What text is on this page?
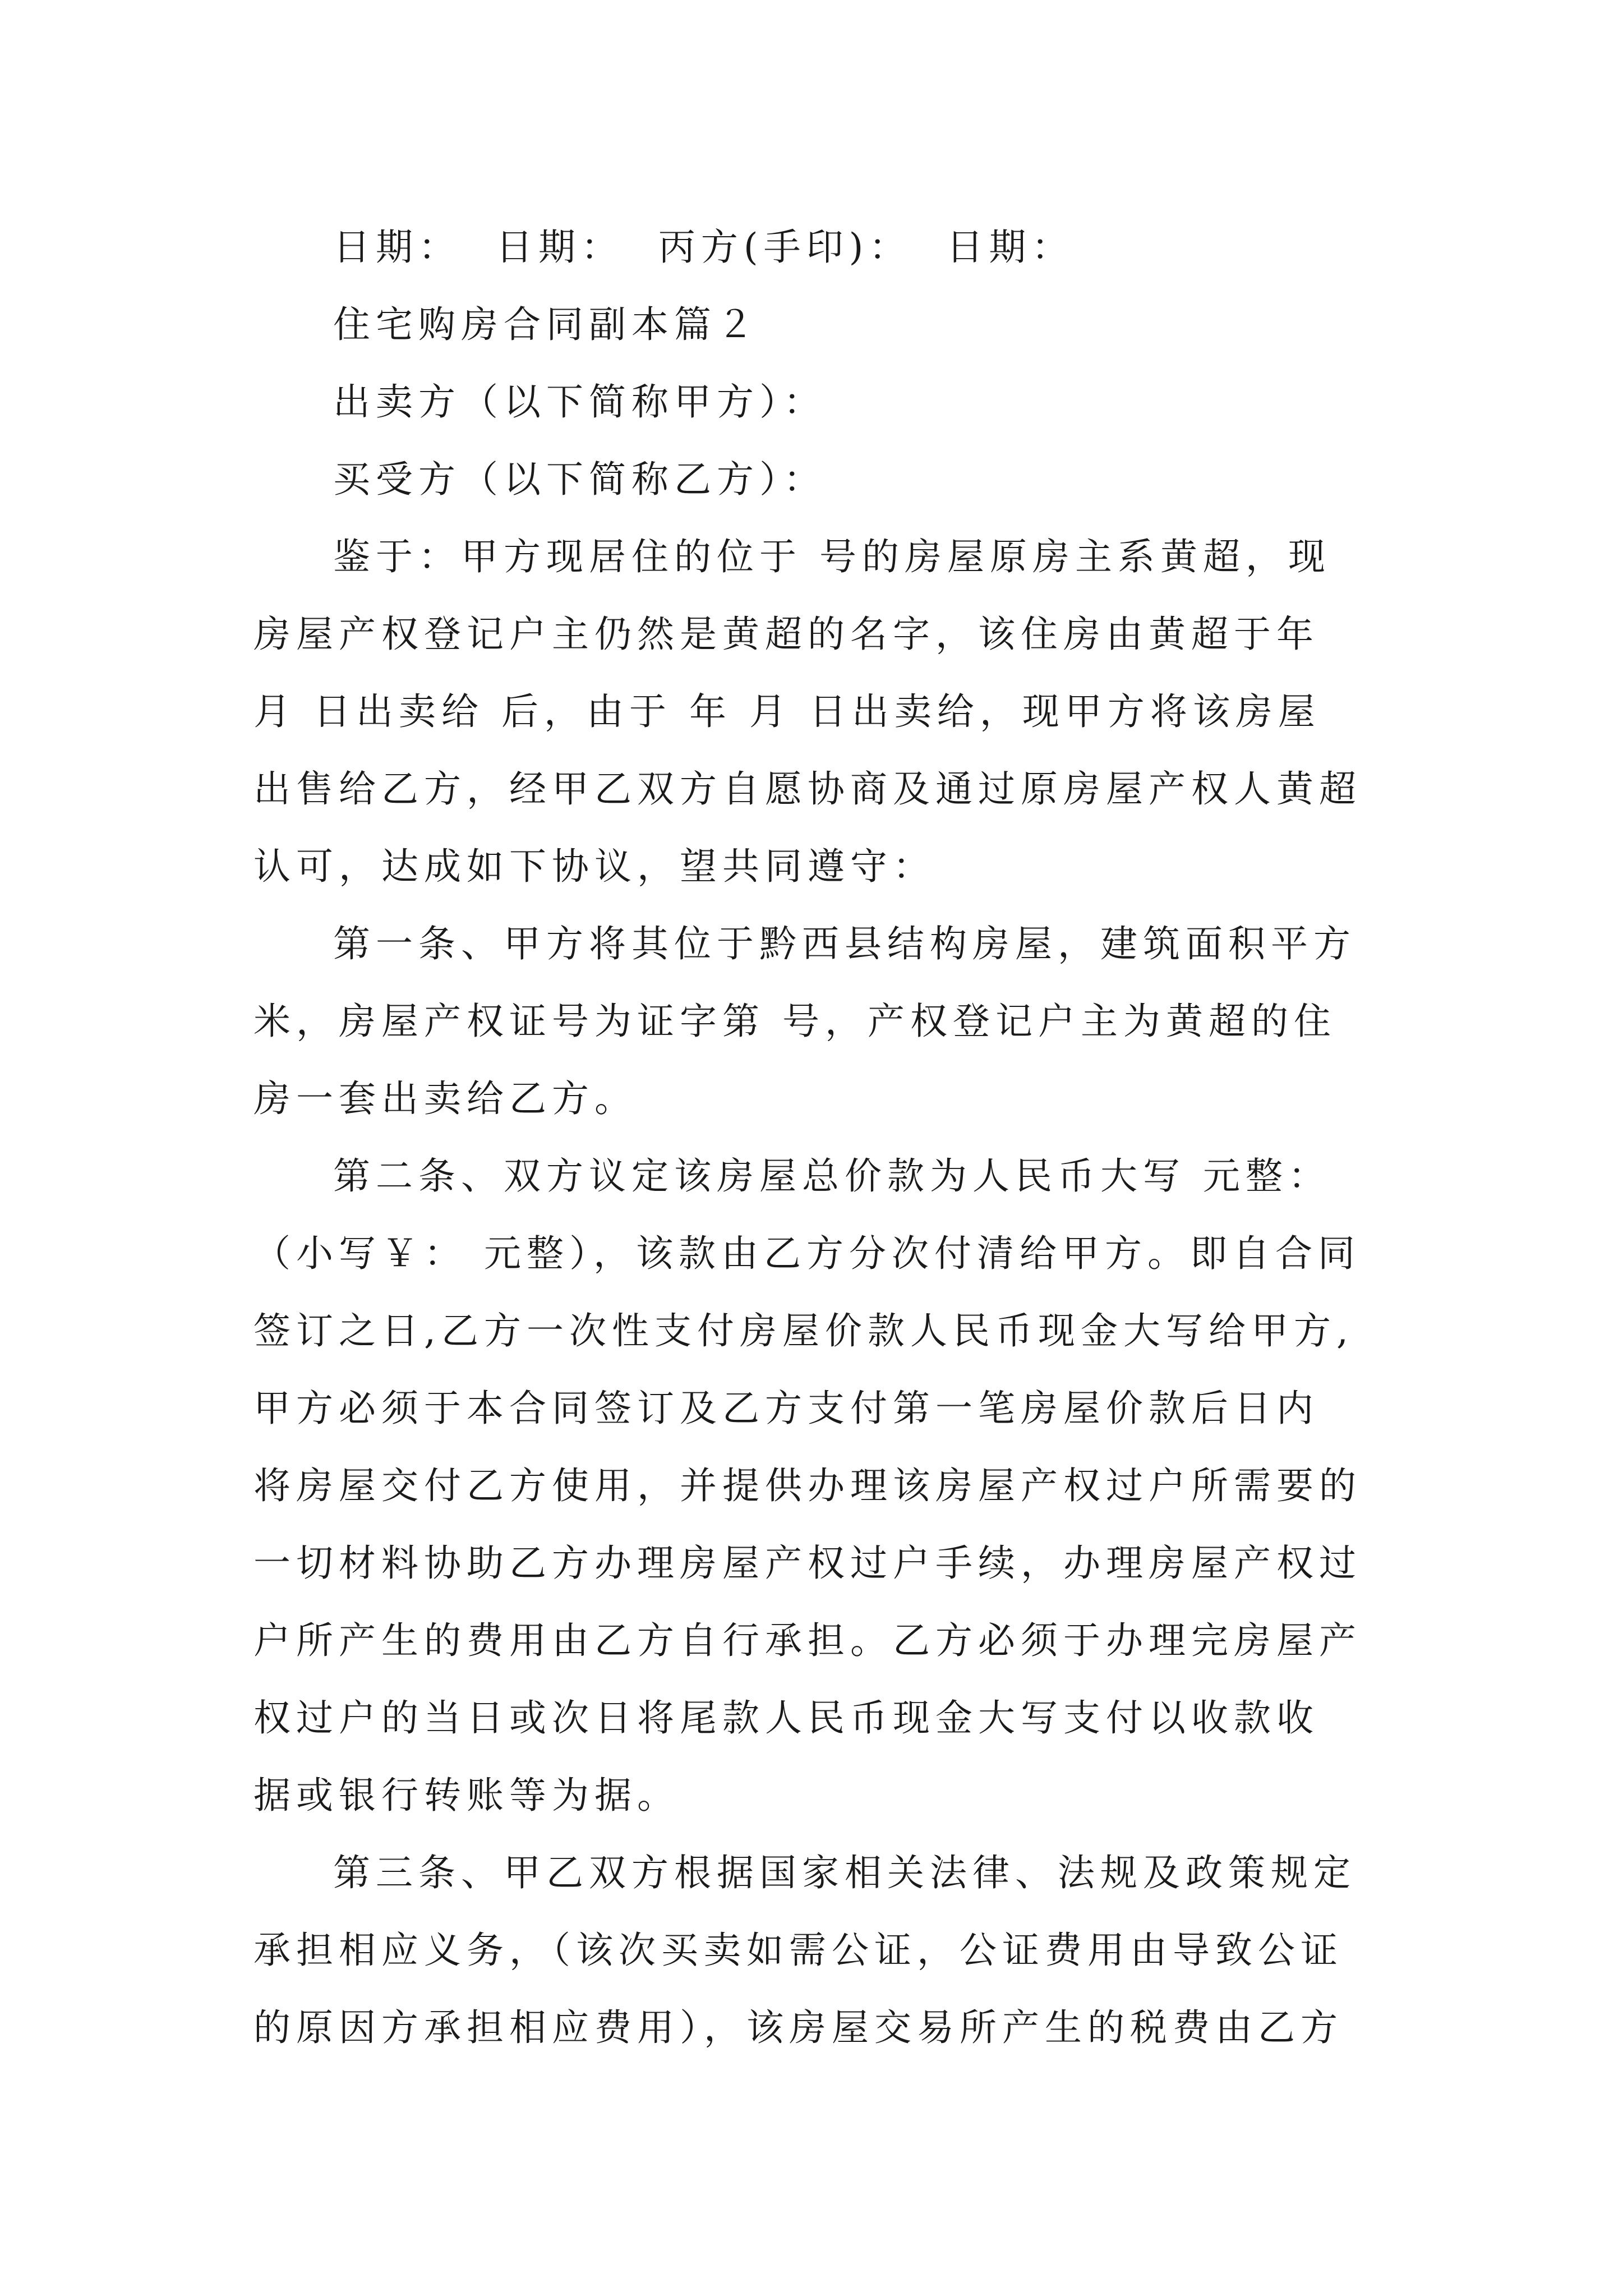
日期：  日期：  丙方(手印)：  日期：
住宅购房合同副本篇２
出卖方（以下简称甲方）：
买受方（以下简称乙方）：
鉴于：甲方现居住的位于 号的房屋原房主系黄超，现
房屋产权登记户主仍然是黄超的名字，该住房由黄超于年
月 日出卖给 后，由于 年 月 日出卖给，现甲方将该房屋
出售给乙方，经甲乙双方自愿协商及通过原房屋产权人黄超
认可，达成如下协议，望共同遵守：
第一条、甲方将其位于黔西县结构房屋，建筑面积平方
米，房屋产权证号为证字第 号，产权登记户主为黄超的住
房一套出卖给乙方。
第二条、双方议定该房屋总价款为人民币大写 元整：
（小写￥： 元整），该款由乙方分次付清给甲方。即自合同
签订之日,乙方一次性支付房屋价款人民币现金大写给甲方,
甲方必须于本合同签订及乙方支付第一笔房屋价款后日内
将房屋交付乙方使用，并提供办理该房屋产权过户所需要的
一切材料协助乙方办理房屋产权过户手续，办理房屋产权过
户所产生的费用由乙方自行承担。乙方必须于办理完房屋产
权过户的当日或次日将尾款人民币现金大写支付以收款收
据或银行转账等为据。
第三条、甲乙双方根据国家相关法律、法规及政策规定
承担相应义务，（该次买卖如需公证，公证费用由导致公证
的原因方承担相应费用），该房屋交易所产生的税费由乙方
